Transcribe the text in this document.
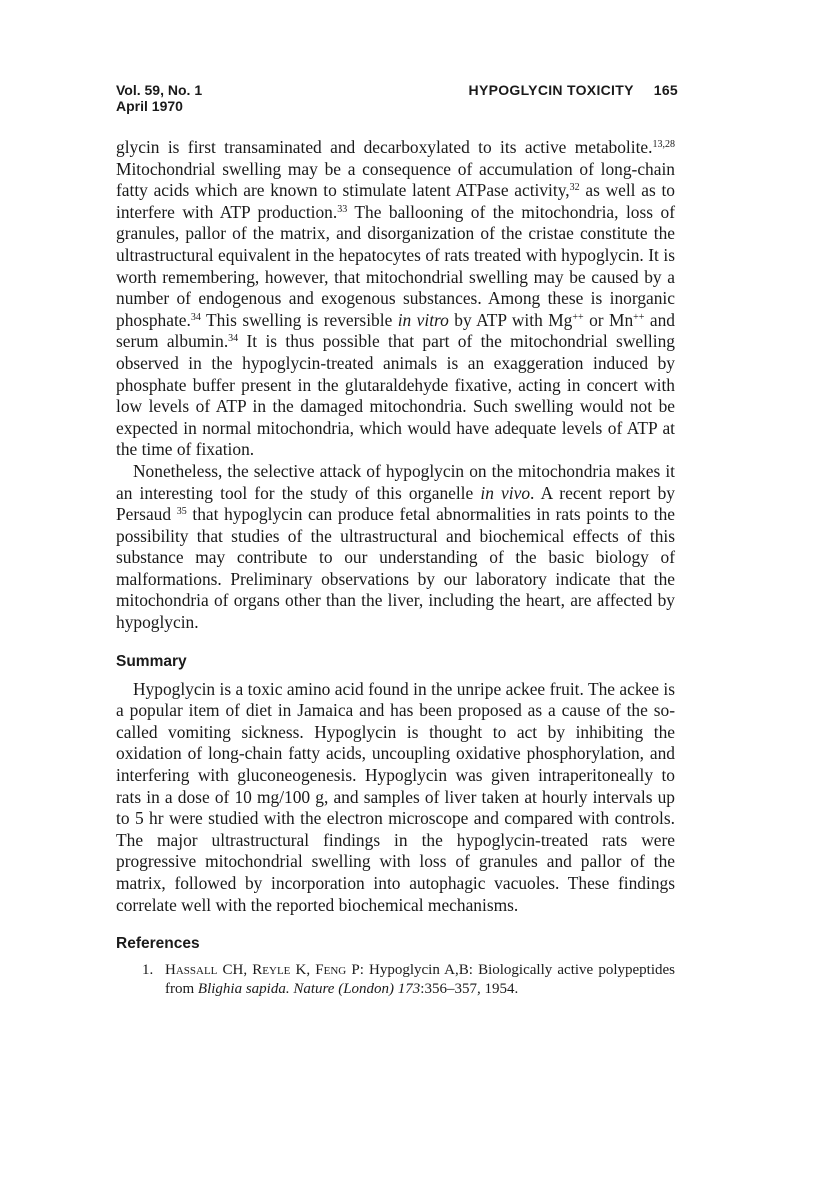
Vol. 59, No. 1
April 1970
HYPOGLYCIN TOXICITY 165

glycin is first transaminated and decarboxylated to its active metabolite.$^{13,28}$ Mitochondrial swelling may be a consequence of accumulation of long-chain fatty acids which are known to stimulate latent ATPase activity,$^{32}$ as well as to interfere with ATP production.$^{33}$ The ballooning of the mitochondria, loss of granules, pallor of the matrix, and disorganization of the cristae constitute the ultrastructural equivalent in the hepatocytes of rats treated with hypoglycin. It is worth remembering, however, that mitochondrial swelling may be caused by a number of endogenous and exogenous substances. Among these is inorganic phosphate.$^{34}$ This swelling is reversible in vitro by ATP with Mg++ or Mn++ and serum albumin.$^{34}$ It is thus possible that part of the mitochondrial swelling observed in the hypoglycin-treated animals is an exaggeration induced by phosphate buffer present in the glutaraldehyde fixative, acting in concert with low levels of ATP in the damaged mitochondria. Such swelling would not be expected in normal mitochondria, which would have adequate levels of ATP at the time of fixation.

Nonetheless, the selective attack of hypoglycin on the mitochondria makes it an interesting tool for the study of this organelle in vivo. A recent report by Persaud $^{35}$ that hypoglycin can produce fetal abnormalities in rats points to the possibility that studies of the ultrastructural and biochemical effects of this substance may contribute to our understanding of the basic biology of malformations. Preliminary observations by our laboratory indicate that the mitochondria of organs other than the liver, including the heart, are affected by hypoglycin.

Summary

Hypoglycin is a toxic amino acid found in the unripe ackee fruit. The ackee is a popular item of diet in Jamaica and has been proposed as a cause of the so-called vomiting sickness. Hypoglycin is thought to act by inhibiting the oxidation of long-chain fatty acids, uncoupling oxidative phosphorylation, and interfering with gluconeogenesis. Hypoglycin was given intraperitoneally to rats in a dose of 10 mg/100 g, and samples of liver taken at hourly intervals up to 5 hr were studied with the electron microscope and compared with controls. The major ultrastructural findings in the hypoglycin-treated rats were progressive mitochondrial swelling with loss of granules and pallor of the matrix, followed by incorporation into autophagic vacuoles. These findings correlate well with the reported biochemical mechanisms.

References
1. Hassall CH, Reyle K, Feng P: Hypoglycin A,B: Biologically active polypeptides from Blighia sapida. Nature (London) 173:356–357, 1954.
